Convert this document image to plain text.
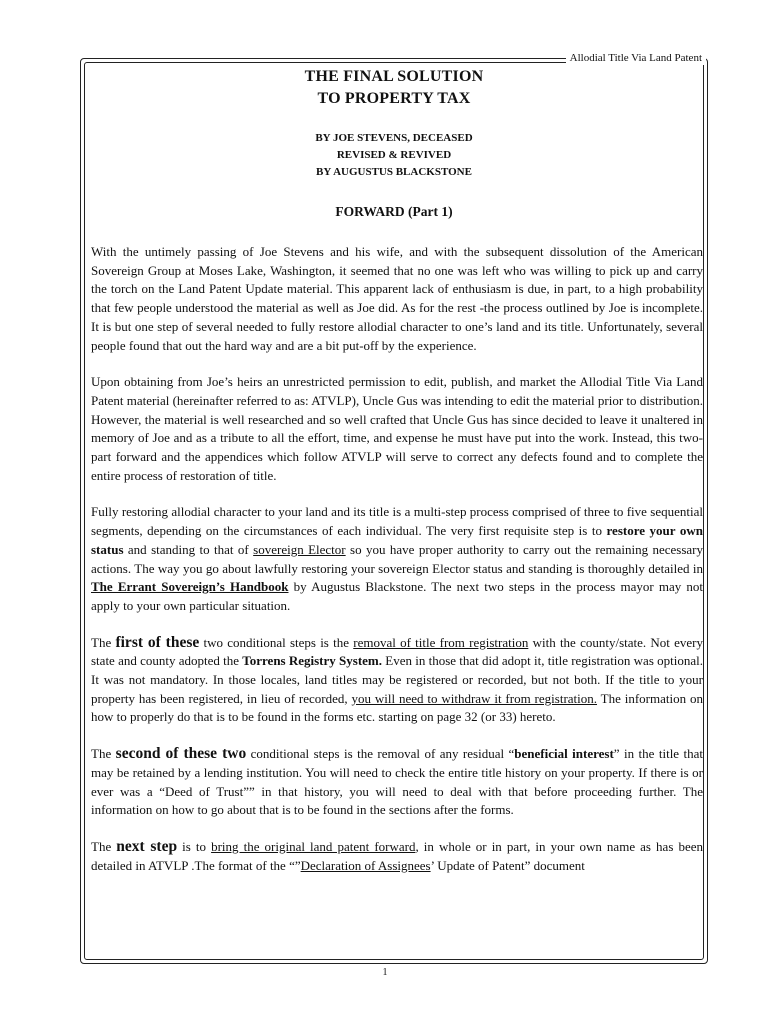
Allodial Title Via Land Patent
THE FINAL SOLUTION
TO PROPERTY TAX
BY JOE STEVENS, DECEASED
REVISED & REVIVED
BY AUGUSTUS BLACKSTONE
FORWARD (Part 1)

With the untimely passing of Joe Stevens and his wife, and with the subsequent dissolution of the American Sovereign Group at Moses Lake, Washington, it seemed that no one was left who was willing to pick up and carry the torch on the Land Patent Update material. This apparent lack of enthusiasm is due, in part, to a high probability that few people understood the material as well as Joe did. As for the rest -the process outlined by Joe is incomplete. It is but one step of several needed to fully restore allodial character to one’s land and its title. Unfortunately, several people found that out the hard way and are a bit put-off by the experience.

Upon obtaining from Joe’s heirs an unrestricted permission to edit, publish, and market the Allodial Title Via Land Patent material (hereinafter referred to as: ATVLP), Uncle Gus was intending to edit the material prior to distribution. However, the material is well researched and so well crafted that Uncle Gus has since decided to leave it unaltered in memory of Joe and as a tribute to all the effort, time, and expense he must have put into the work. Instead, this two-part forward and the appendices which follow ATVLP will serve to correct any defects found and to complete the entire process of restoration of title.

Fully restoring allodial character to your land and its title is a multi-step process comprised of three to five sequential segments, depending on the circumstances of each individual. The very first requisite step is to restore your own status and standing to that of sovereign Elector so you have proper authority to carry out the remaining necessary actions. The way you go about lawfully restoring your sovereign Elector status and standing is thoroughly detailed in The Errant Sovereign’s Handbook by Augustus Blackstone. The next two steps in the process mayor may not apply to your own particular situation.

The first of these two conditional steps is the removal of title from registration with the county/state. Not every state and county adopted the Torrens Registry System. Even in those that did adopt it, title registration was optional. It was not mandatory. In those locales, land titles may be registered or recorded, but not both. If the title to your property has been registered, in lieu of recorded, you will need to withdraw it from registration. The information on how to properly do that is to be found in the forms etc. starting on page 32 (or 33) hereto.

The second of these two conditional steps is the removal of any residual “beneficial interest” in the title that may be retained by a lending institution. You will need to check the entire title history on your property. If there is or ever was a “Deed of Trust”” in that history, you will need to deal with that before proceeding further. The information on how to go about that is to be found in the sections after the forms.

The next step is to bring the original land patent forward, in whole or in part, in your own name as has been detailed in ATVLP .The format of the “”Declaration of Assignees’ Update of Patent” document

1
